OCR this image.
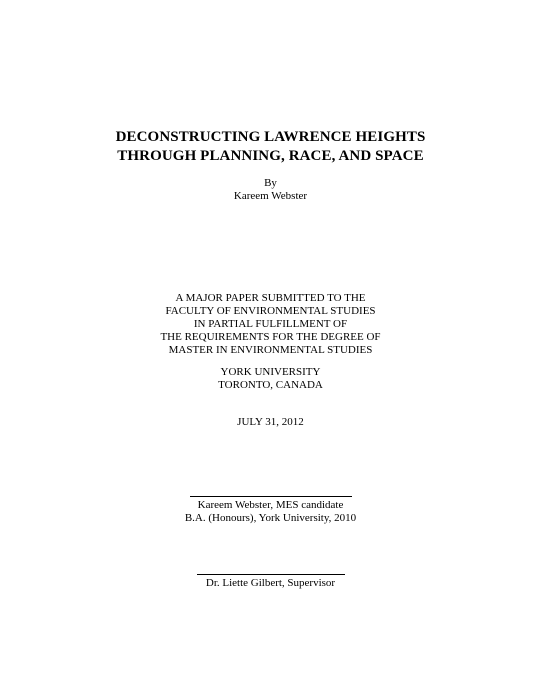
DECONSTRUCTING LAWRENCE HEIGHTS
THROUGH PLANNING, RACE, AND SPACE
By
Kareem Webster
A MAJOR PAPER SUBMITTED TO THE
FACULTY OF ENVIRONMENTAL STUDIES
IN PARTIAL FULFILLMENT OF
THE REQUIREMENTS FOR THE DEGREE OF
MASTER IN ENVIRONMENTAL STUDIES
YORK UNIVERSITY
TORONTO, CANADA
JULY 31, 2012
Kareem Webster, MES candidate
B.A. (Honours), York University, 2010
Dr. Liette Gilbert, Supervisor
